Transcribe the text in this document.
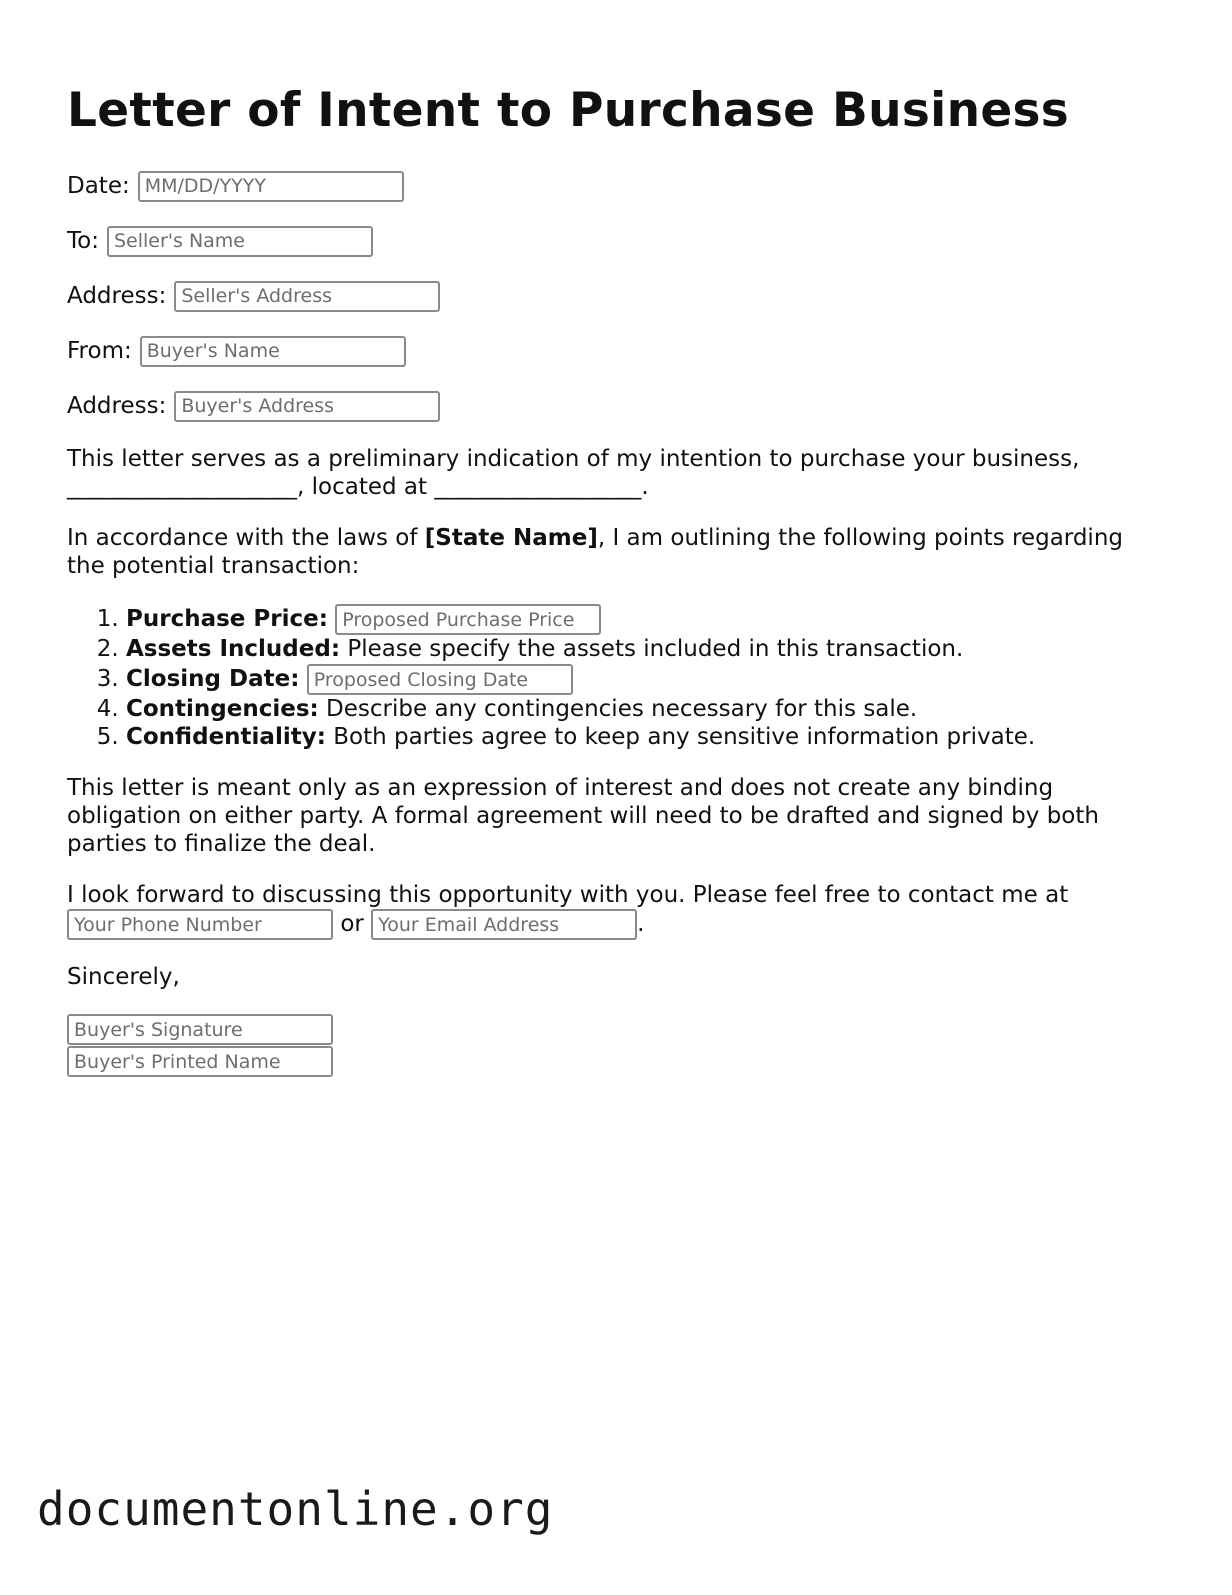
Letter of Intent to Purchase Business
Date:
MM/DD/YYYY
To:
Seller's Name
Address:
Seller's Address
From:
Buyer's Name
Address:
Buyer's Address

This letter serves as a preliminary indication of my intention to purchase your business,
____________________, located at __________________.

In accordance with the laws of [State Name], I am outlining the following points regarding the potential transaction:

1. Purchase Price: Proposed Purchase Price
2. Assets Included: Please specify the assets included in this transaction.
3. Closing Date: Proposed Closing Date
4. Contingencies: Describe any contingencies necessary for this sale.
5. Confidentiality: Both parties agree to keep any sensitive information private.

This letter is meant only as an expression of interest and does not create any binding obligation on either party. A formal agreement will need to be drafted and signed by both parties to finalize the deal.

I look forward to discussing this opportunity with you. Please feel free to contact me at
Your Phone Number or Your Email Address	.

Sincerely,

Buyer's Signature
Buyer's Printed Name
documentonline.org
